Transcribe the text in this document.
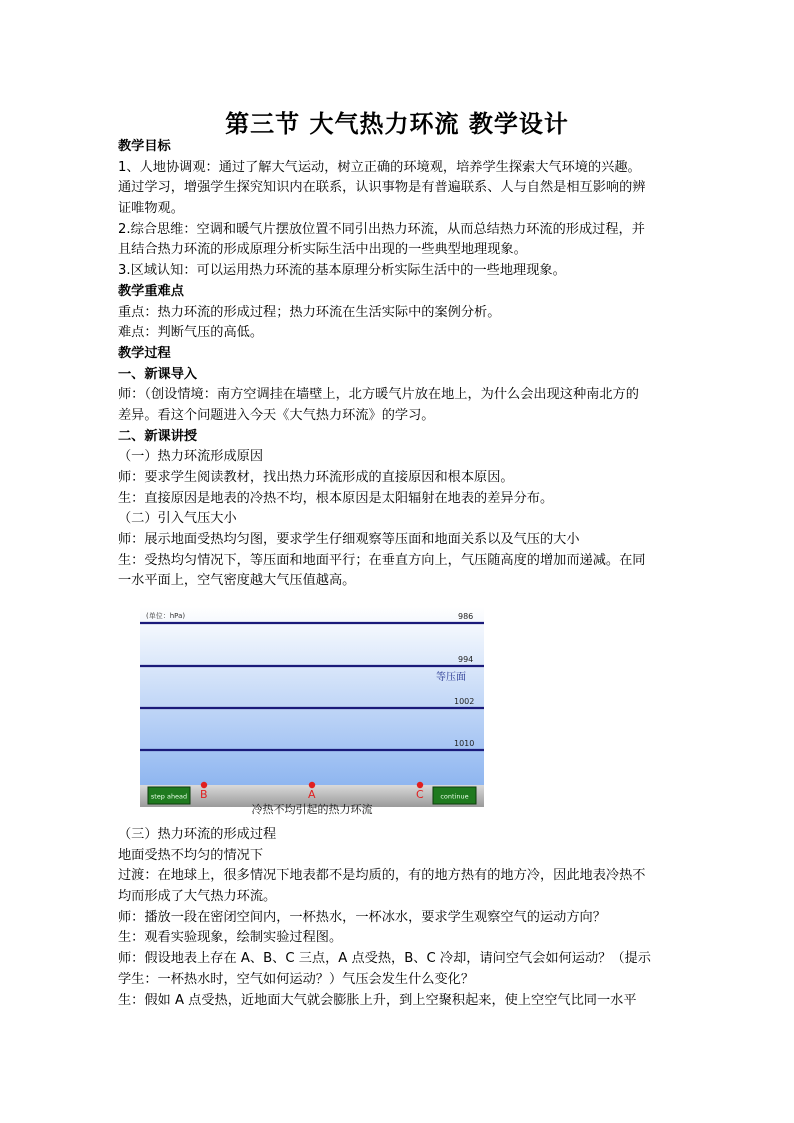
第三节 大气热力环流 教学设计
教学目标
1、人地协调观：通过了解大气运动，树立正确的环境观，培养学生探索大气环境的兴趣。
通过学习，增强学生探究知识内在联系，认识事物是有普遍联系、人与自然是相互影响的辨
证唯物观。
2.综合思维：空调和暖气片摆放位置不同引出热力环流，从而总结热力环流的形成过程，并
且结合热力环流的形成原理分析实际生活中出现的一些典型地理现象。
3.区域认知：可以运用热力环流的基本原理分析实际生活中的一些地理现象。
教学重难点
重点：热力环流的形成过程；热力环流在生活实际中的案例分析。
难点：判断气压的高低。
教学过程
一、新课导入
师：（创设情境：南方空调挂在墙壁上，北方暖气片放在地上，为什么会出现这种南北方的
差异。看这个问题进入今天《大气热力环流》的学习。
二、新课讲授
（一）热力环流形成原因
师：要求学生阅读教材，找出热力环流形成的直接原因和根本原因。
生：直接原因是地表的冷热不均，根本原因是太阳辐射在地表的差异分布。
（二）引入气压大小
师：展示地面受热均匀图，要求学生仔细观察等压面和地面关系以及气压的大小
生：受热均匀情况下，等压面和地面平行；在垂直方向上，气压随高度的增加而递减。在同
一水平面上，空气密度越大气压值越高。
(单位：hPa)	986
994
等压面
1002
1010
B	A	C
step ahead	continue
冷热不均引起的热力环流
（三）热力环流的形成过程
地面受热不均匀的情况下
过渡：在地球上，很多情况下地表都不是均质的，有的地方热有的地方冷，因此地表冷热不
均而形成了大气热力环流。
师：播放一段在密闭空间内，一杯热水，一杯冰水，要求学生观察空气的运动方向？
生：观看实验现象，绘制实验过程图。
师：假设地表上存在 A、B、C 三点，A 点受热，B、C 冷却，请问空气会如何运动？（提示
学生：一杯热水时，空气如何运动？）气压会发生什么变化？
生：假如 A 点受热，近地面大气就会膨胀上升，到上空聚积起来，使上空空气比同一水平
